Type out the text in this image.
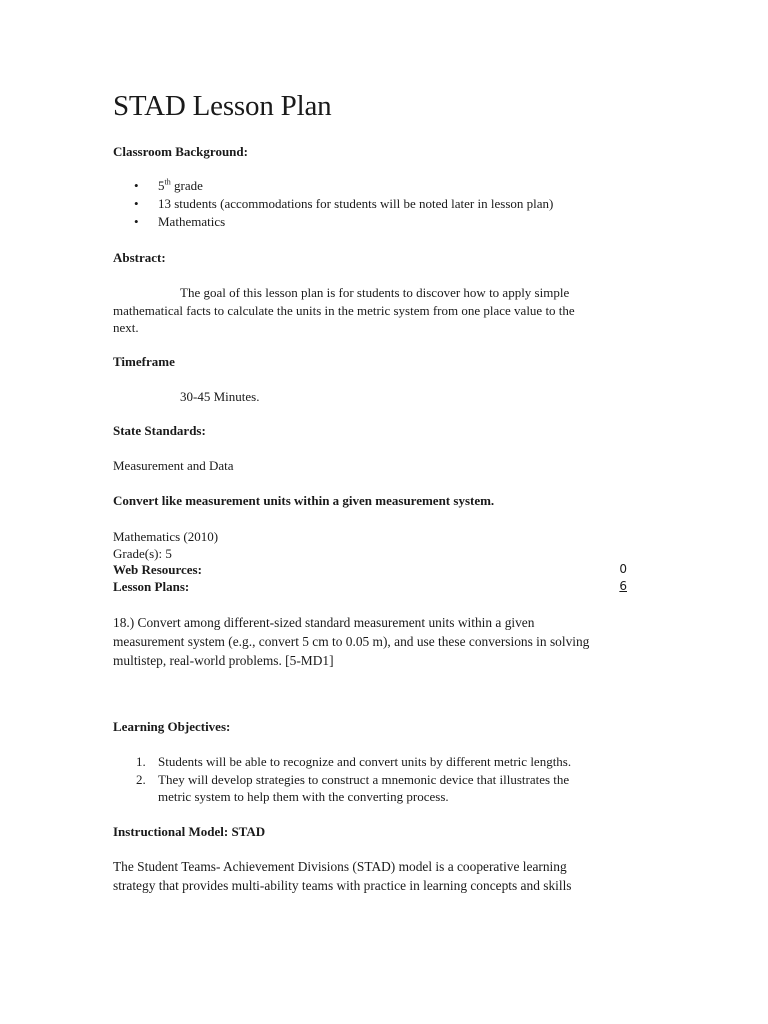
STAD Lesson Plan
Classroom Background:
• 5th grade
• 13 students (accommodations for students will be noted later in lesson plan)
• Mathematics
Abstract:
The goal of this lesson plan is for students to discover how to apply simple
mathematical facts to calculate the units in the metric system from one place value to the
next.
Timeframe
30-45 Minutes.
State Standards:
Measurement and Data
Convert like measurement units within a given measurement system.
Mathematics (2010)
Grade(s): 5
Web Resources:	0
Lesson Plans:	6
18.) Convert among different-sized standard measurement units within a given
measurement system (e.g., convert 5 cm to 0.05 m), and use these conversions in solving
multistep, real-world problems. [5-MD1]
Learning Objectives:
1. Students will be able to recognize and convert units by different metric lengths.
2. They will develop strategies to construct a mnemonic device that illustrates the
metric system to help them with the converting process.
Instructional Model: STAD
The Student Teams- Achievement Divisions (STAD) model is a cooperative learning
strategy that provides multi-ability teams with practice in learning concepts and skills
